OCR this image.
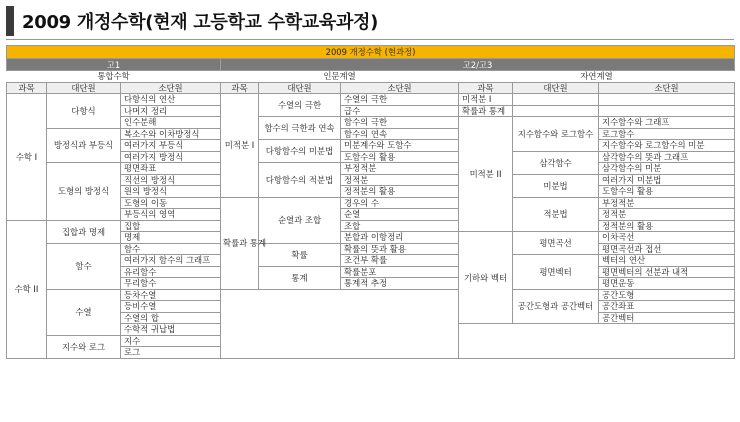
2009 개정수학(현재 고등학교 수학교육과정)
2009 개정수학 (현과정)								
고1			고2/고3					
통합수학			인문계열			자연계열		
과목	대단원	소단원	과목	대단원	소단원	과목	대단원	소단원
수학 I	다항식	다항식의 연산	미적분 I	수열의 극한	수열의 극한	미적분 I		
		나머지 정리			급수	확률과 통계		
		인수분해		함수의 극한과 연속	함수의 극한	미적분 II	지수함수와 로그함수	지수함수와 그래프
	방정식과 부등식	복소수와 이차방정식			함수의 연속			로그함수
		여러가지 부등식		다항함수의 미분법	미분계수와 도함수			지수함수와 로그함수의 미분
		여러가지 방정식			도함수의 활용		삼각함수	삼각함수의 뜻과 그래프
	도형의 방정식	평면좌표		다항함수의 적분법	부정적분			삼각함수의 미분
		직선의 방정식			정적분		미분법	여러가지 미분법
		원의 방정식			정적분의 활용			도함수의 활용
		도형의 이동	확률과 통계	순열과 조합	경우의 수		적분법	부정적분
		부등식의 영역			순열			정적분
수학 II	집합과 명제	집합			조합			정적분의 활용
		명제			분할과 이항정리	기하와 벡터	평면곡선	이차곡선
	함수	함수		확률	확률의 뜻과 활용			평면곡선과 접선
		여러가지 함수의 그래프			조건부 확률		평면벡터	벡터의 연산
		유리함수		통계	확률분포			평면벡터의 선분과 내적
		무리함수			통계적 추정			평면운동
	수열	등차수열					공간도형과 공간벡터	공간도형
		등비수열						공간좌표
		수열의 합						공간벡터
		수학적 귀납법						
	지수와 로그	지수						
		로그						
